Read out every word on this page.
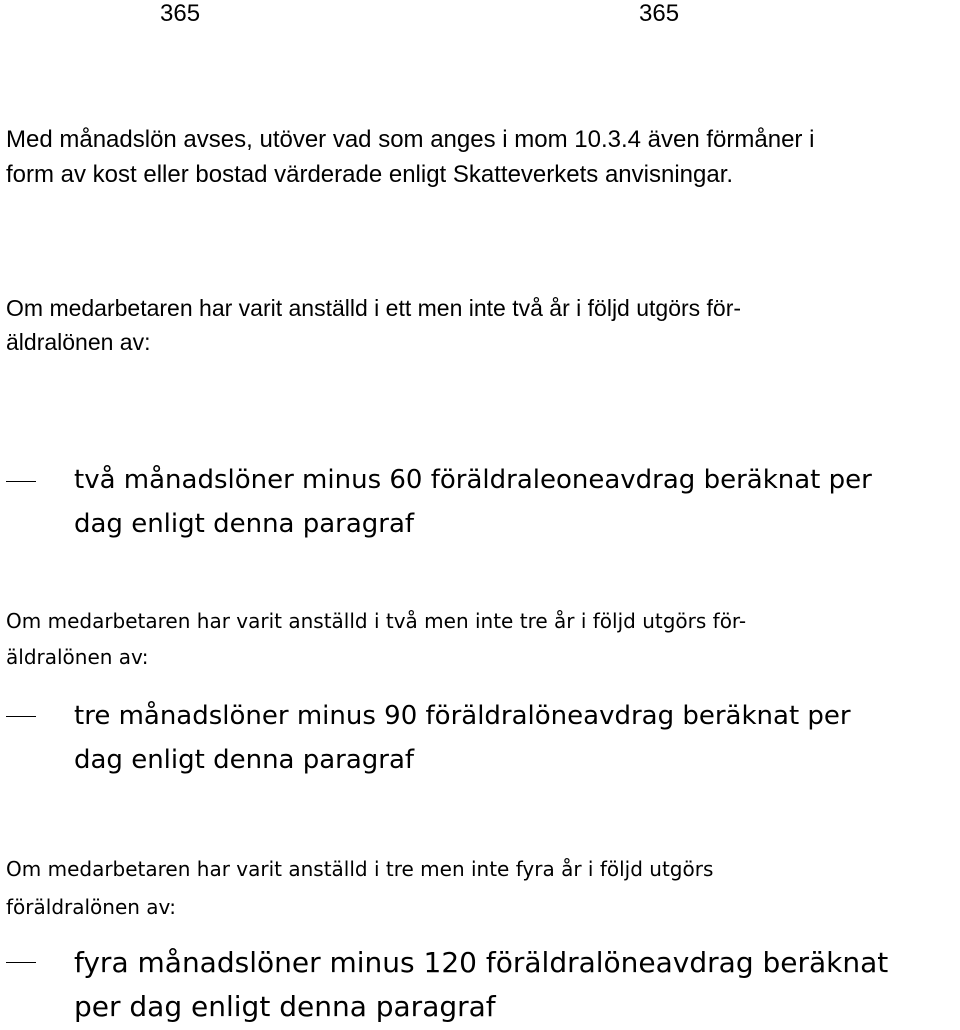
365	365
Med månadslön avses, utöver vad som anges i mom 10.3.4 även förmåner i
form av kost eller bostad värderade enligt Skatteverkets anvisningar.
Om medarbetaren har varit anställd i ett men inte två år i följd utgörs för-
äldralönen av:
två månadslöner minus 60 föräldraleoneavdrag beräknat per
dag enligt denna paragraf
Om medarbetaren har varit anställd i två men inte tre år i följd utgörs för-
äldralönen av:
tre månadslöner minus 90 föräldralöneavdrag beräknat per
dag enligt denna paragraf
Om medarbetaren har varit anställd i tre men inte fyra år i följd utgörs
föräldralönen av:
fyra månadslöner minus 120 föräldralöneavdrag beräknat
per dag enligt denna paragraf
